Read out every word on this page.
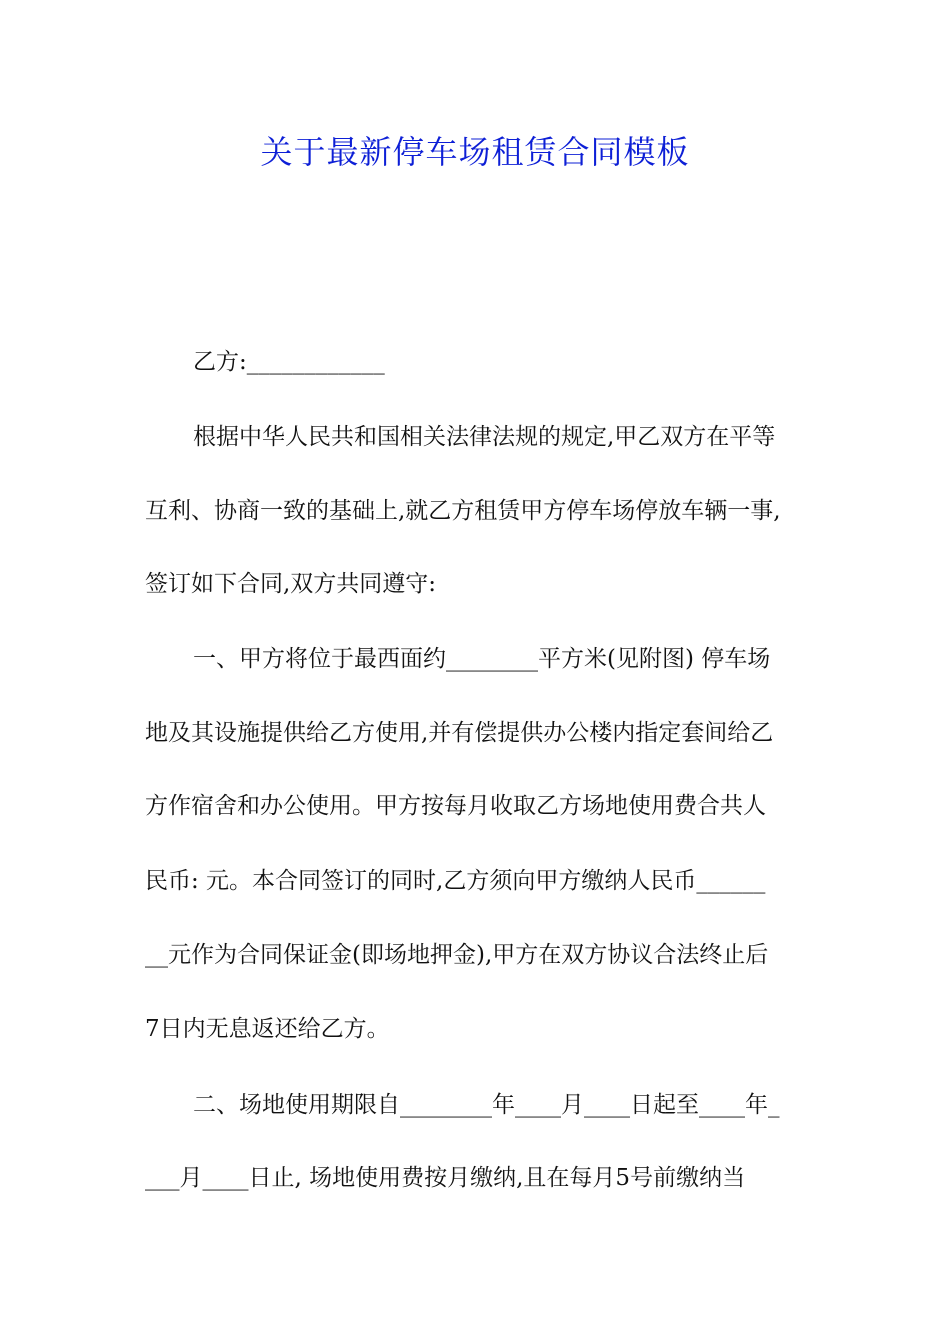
关于最新停车场租赁合同模板

乙方:____________

根据中华人民共和国相关法律法规的规定,甲乙双方在平等

互利、协商一致的基础上,就乙方租赁甲方停车场停放车辆一事,

签订如下合同,双方共同遵守:

一、甲方将位于最西面约________平方米(见附图) 停车场

地及其设施提供给乙方使用,并有偿提供办公楼内指定套间给乙

方作宿舍和办公使用。甲方按每月收取乙方场地使用费合共人

民币: 元。本合同签订的同时,乙方须向甲方缴纳人民币______

__元作为合同保证金(即场地押金),甲方在双方协议合法终止后

7日内无息返还给乙方。

二、场地使用期限自________年____月____日起至____年_

___月____日止, 场地使用费按月缴纳,且在每月5号前缴纳当
